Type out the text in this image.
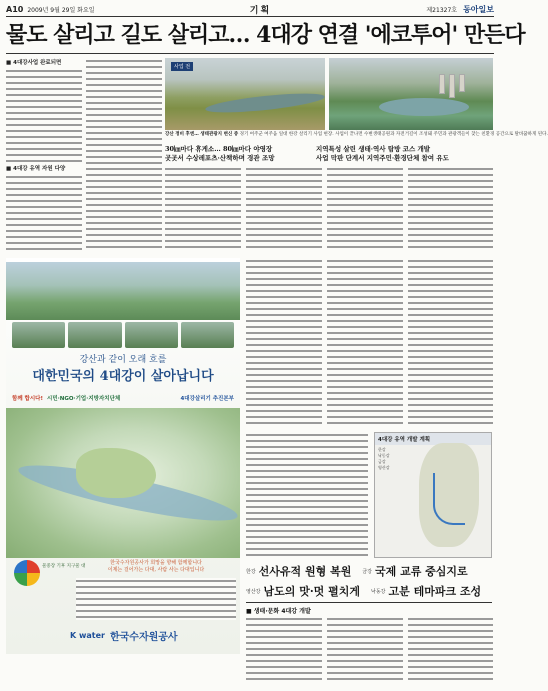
A10 2009년 9월 29일 화요일	기획	제21327호 동아일보
물도 살리고 길도 살리고… 4대강 연결 '에코투어' 만든다
■ 4대강사업 완료되면
■ 4대강 유역 자원 다양
사업 전
강산 정비 후엔… 생태관광지 변신 중 경기 여주군 여주읍 일대 한강 살리기 사업 현장. 사업이 끝나면 수변생태공원과 자전거길이 조성돼 주민과 관광객들이 찾는 친환경 공간으로 탈바꿈하게 된다.
30㎞마다 휴게소… 80㎞마다 야영장
곳곳서 수상레포츠·산책하며 경관 조망
지역특성 살린 생태·역사 탐방 코스 개발
사업 막판 단계서 지역주민·환경단체 참여 유도
강산과 같이 오래 흐를
대한민국의 4대강이 살아납니다
함께 합시다! 시민·NGO·기업·지방자치단체	4대강살리기 추진본부
물중장 기후 지구물 대
한국수자원공사가 희망을 향해 함께합니다
이제는 걸어가는 다대, 사람 사는 다대입니다
K water 한국수자원공사
4대강 유역 개발 계획
한강
낙동강
금강
영산강
한강 선사유적 원형 복원 금강 국제 교류 중심지로
영산강 남도의 맛·멋 펼치게 낙동강 고분 테마파크 조성
■ 생태·문화 4대강 개발
